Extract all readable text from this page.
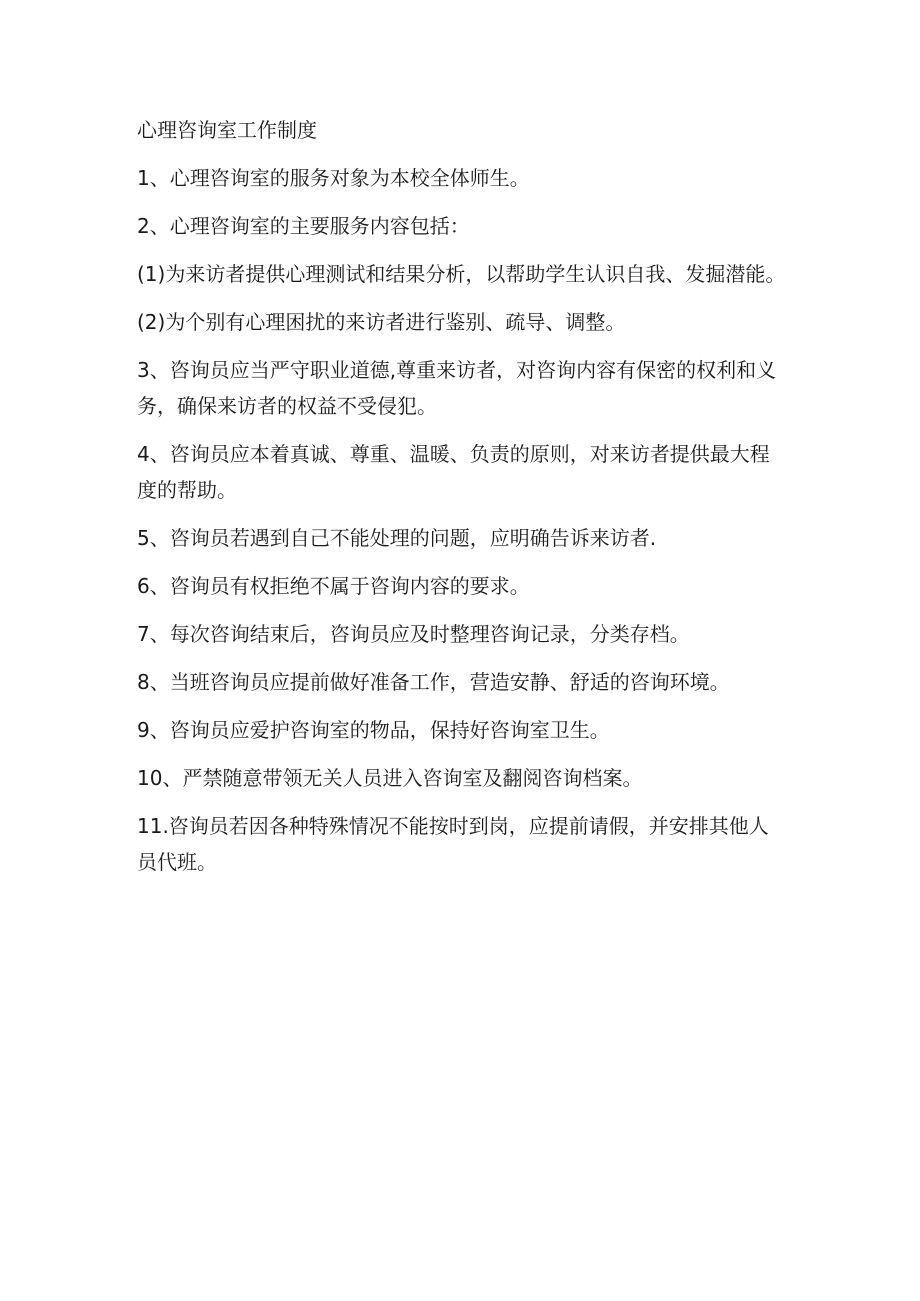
心理咨询室工作制度

1、心理咨询室的服务对象为本校全体师生。

2、心理咨询室的主要服务内容包括：

(1)为来访者提供心理测试和结果分析，以帮助学生认识自我、发掘潜能。

(2)为个别有心理困扰的来访者进行鉴别、疏导、调整。

3、咨询员应当严守职业道德,尊重来访者，对咨询内容有保密的权利和义务，确保来访者的权益不受侵犯。

4、咨询员应本着真诚、尊重、温暖、负责的原则，对来访者提供最大程度的帮助。

5、咨询员若遇到自己不能处理的问题，应明确告诉来访者.

6、咨询员有权拒绝不属于咨询内容的要求。

7、每次咨询结束后，咨询员应及时整理咨询记录，分类存档。

8、当班咨询员应提前做好准备工作，营造安静、舒适的咨询环境。

9、咨询员应爱护咨询室的物品，保持好咨询室卫生。

10、严禁随意带领无关人员进入咨询室及翻阅咨询档案。

11.咨询员若因各种特殊情况不能按时到岗，应提前请假，并安排其他人员代班。
